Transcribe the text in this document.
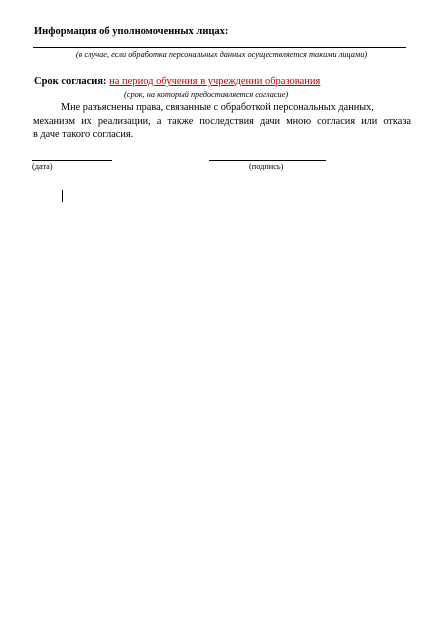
Информация об уполномоченных лицах:
(в случае, если обработка персональных данных осуществляется такими лицами)
Срок согласия: на период обучения в учреждении образования
(срок, на который предоставляется согласие)
Мне разъяснены права, связанные с обработкой персональных данных,
механизм их реализации, а также последствия дачи мною согласия или отказа
в даче такого согласия.
(дата)	(подпись)
